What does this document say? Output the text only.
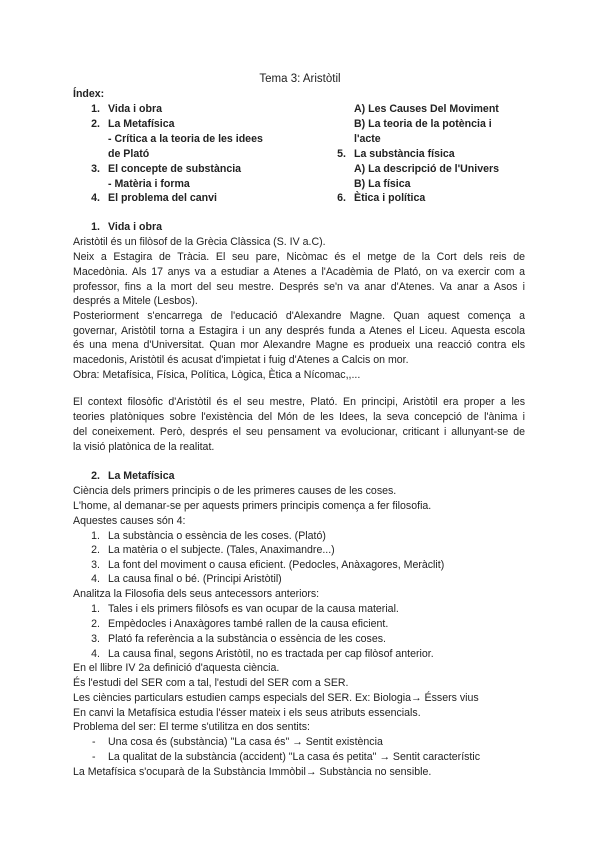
Tema 3: Aristòtil
Índex:
1. Vida i obra
2. La Metafísica
- Crítica a la teoria de les idees
de Plató
3. El concepte de substància
- Matèria i forma
4. El problema del canvi
A) Les Causes Del Moviment
B) La teoria de la potència i
l'acte
5. La substància física
A) La descripció de l'Univers
B) La física
6. Ètica i política
1. Vida i obra
Aristòtil és un filòsof de la Grècia Clàssica (S. IV a.C).
Neix a Estagira de Tràcia. El seu pare, Nicòmac és el metge de la Cort dels reis de
Macedònia. Als 17 anys va a estudiar a Atenes a l'Acadèmia de Plató, on va exercir com a
professor, fins a la mort del seu mestre. Després se'n va anar d'Atenes. Va anar a Asos i
després a Mitele (Lesbos).
Posteriorment s'encarrega de l'educació d'Alexandre Magne. Quan aquest comença a
governar, Aristòtil torna a Estagira i un any després funda a Atenes el Liceu. Aquesta escola
és una mena d'Universitat. Quan mor Alexandre Magne es produeix una reacció contra els
macedonis, Aristòtil és acusat d'impietat i fuig d'Atenes a Calcis on mor.
Obra: Metafísica, Física, Política, Lògica, Ètica a Nícomac,,...
El context filosòfic d'Aristòtil és el seu mestre, Plató. En principi, Aristòtil era proper a les
teories platòniques sobre l'existència del Món de les Idees, la seva concepció de l'ànima i
del coneixement. Però, després el seu pensament va evolucionar, criticant i allunyant-se de
la visió platònica de la realitat.
2. La Metafísica
Ciència dels primers principis o de les primeres causes de les coses.
L'home, al demanar-se per aquests primers principis comença a fer filosofia.
Aquestes causes són 4:
1. La substància o essència de les coses. (Plató)
2. La matèria o el subjecte. (Tales, Anaximandre...)
3. La font del moviment o causa eficient. (Pedocles, Anàxagores, Meràclit)
4. La causa final o bé. (Principi Aristòtil)
Analitza la Filosofia dels seus antecessors anteriors:
1. Tales i els primers filòsofs es van ocupar de la causa material.
2. Empèdocles i Anaxàgores també rallen de la causa eficient.
3. Plató fa referència a la substància o essència de les coses.
4. La causa final, segons Aristòtil, no es tractada per cap filòsof anterior.
En el llibre IV 2a definició d'aquesta ciència.
És l'estudi del SER com a tal, l'estudi del SER com a SER.
Les ciències particulars estudien camps especials del SER. Ex: Biologia→ Éssers vius
En canvi la Metafísica estudia l'ésser mateix i els seus atributs essencials.
Problema del ser: El terme s'utilitza en dos sentits:
-	Una cosa és (substància) "La casa és" → Sentit existència
-	La qualitat de la substància (accident) "La casa és petita" → Sentit característic
La Metafísica s'ocuparà de la Substància Immòbil→ Substància no sensible.
